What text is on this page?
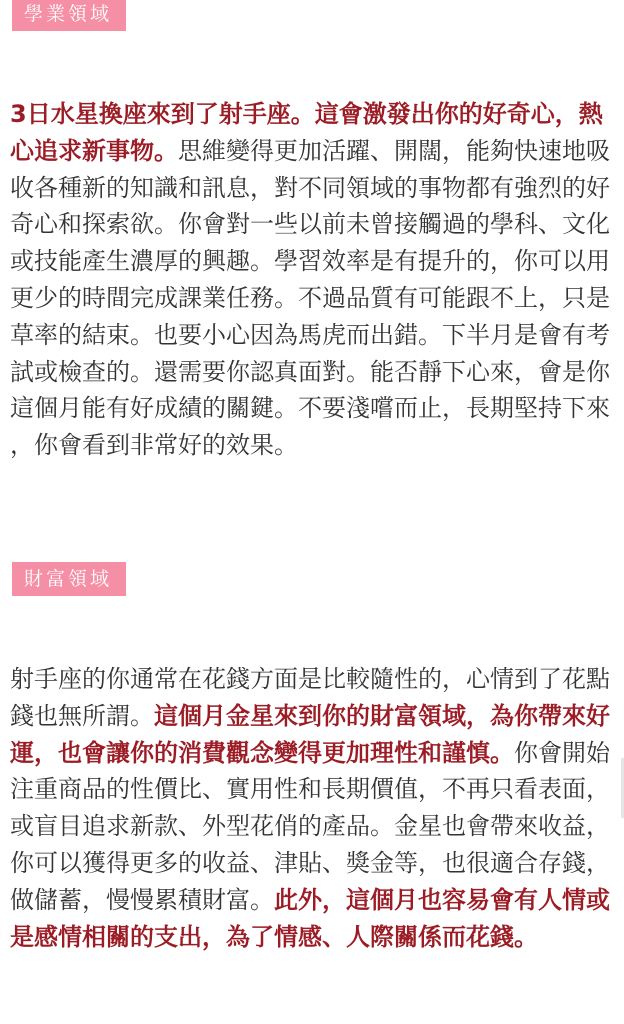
學業領域

3日水星換座來到了射手座。這會激發出你的好奇心，熱心追求新事物。思維變得更加活躍、開闊，能夠快速地吸收各種新的知識和訊息，對不同領域的事物都有強烈的好奇心和探索欲。你會對一些以前未曾接觸過的學科、文化或技能產生濃厚的興趣。學習效率是有提升的，你可以用更少的時間完成課業任務。不過品質有可能跟不上，只是草率的結束。也要小心因為馬虎而出錯。下半月是會有考試或檢查的。還需要你認真面對。能否靜下心來，會是你這個月能有好成績的關鍵。不要淺嚐而止，長期堅持下來，你會看到非常好的效果。

財富領域

射手座的你通常在花錢方面是比較隨性的，心情到了花點錢也無所謂。這個月金星來到你的財富領域，為你帶來好運，也會讓你的消費觀念變得更加理性和謹慎。你會開始注重商品的性價比、實用性和長期價值，不再只看表面，或盲目追求新款、外型花俏的產品。金星也會帶來收益，你可以獲得更多的收益、津貼、獎金等，也很適合存錢，做儲蓄，慢慢累積財富。此外，這個月也容易會有人情或是感情相關的支出，為了情感、人際關係而花錢。
